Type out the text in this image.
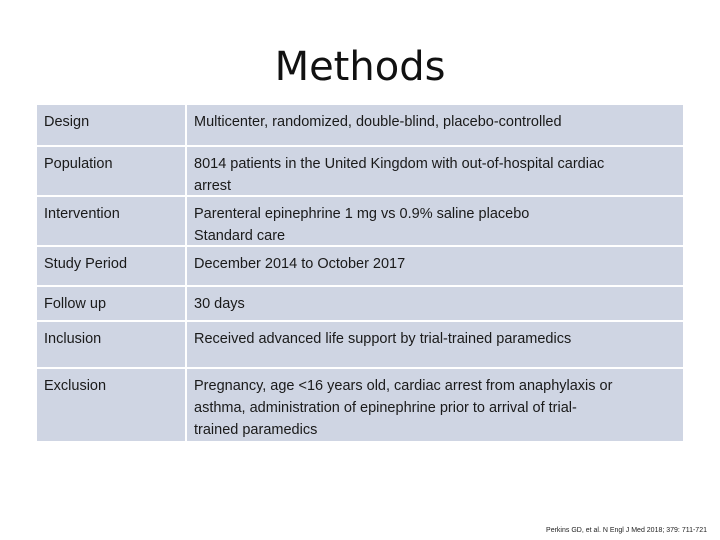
Methods
Design	Multicenter, randomized, double-blind, placebo-controlled
Population	8014 patients in the United Kingdom with out-of-hospital cardiac
arrest
Intervention	Parenteral epinephrine 1 mg vs 0.9% saline placebo
Standard care
Study Period	December 2014 to October 2017
Follow up	30 days
Inclusion	Received advanced life support by trial-trained paramedics
Exclusion	Pregnancy, age <16 years old, cardiac arrest from anaphylaxis or
asthma, administration of epinephrine prior to arrival of trial-
trained paramedics
Perkins GD, et al. N Engl J Med 2018; 379: 711-721
